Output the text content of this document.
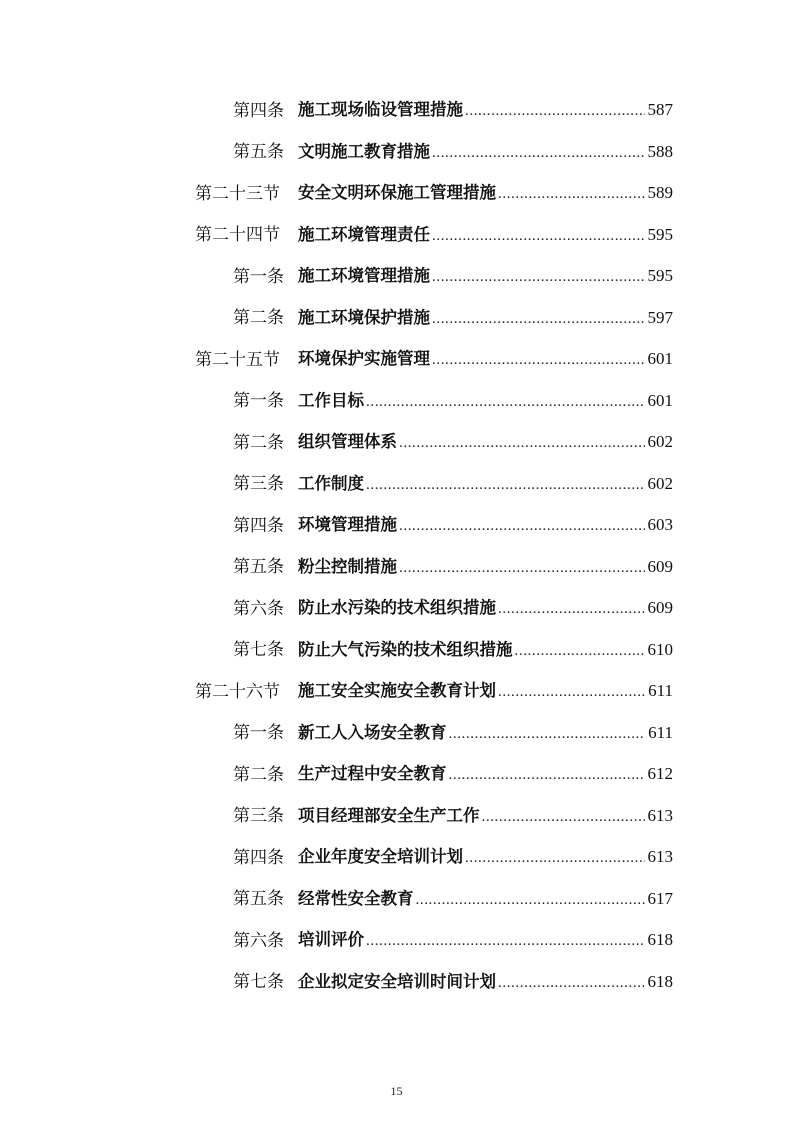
第四条 施工现场临设管理措施 .....	587
第五条 文明施工教育措施 .....	588
第二十三节	安全文明环保施工管理措施 .....	589
第二十四节	施工环境管理责任 .....	595
第一条 施工环境管理措施 .....	595
第二条 施工环境保护措施 .....	597
第二十五节	环境保护实施管理 .....	601
第一条 工作目标 .....	601
第二条 组织管理体系 .....	602
第三条 工作制度 .....	602
第四条 环境管理措施 .....	603
第五条 粉尘控制措施 .....	609
第六条 防止水污染的技术组织措施 .....	609
第七条 防止大气污染的技术组织措施 .....	610
第二十六节	施工安全实施安全教育计划 .....	611
第一条 新工人入场安全教育 .....	611
第二条 生产过程中安全教育 .....	612
第三条 项目经理部安全生产工作 .....	613
第四条 企业年度安全培训计划 .....	613
第五条 经常性安全教育 .....	617
第六条 培训评价 .....	618
第七条 企业拟定安全培训时间计划 .....	618
15
